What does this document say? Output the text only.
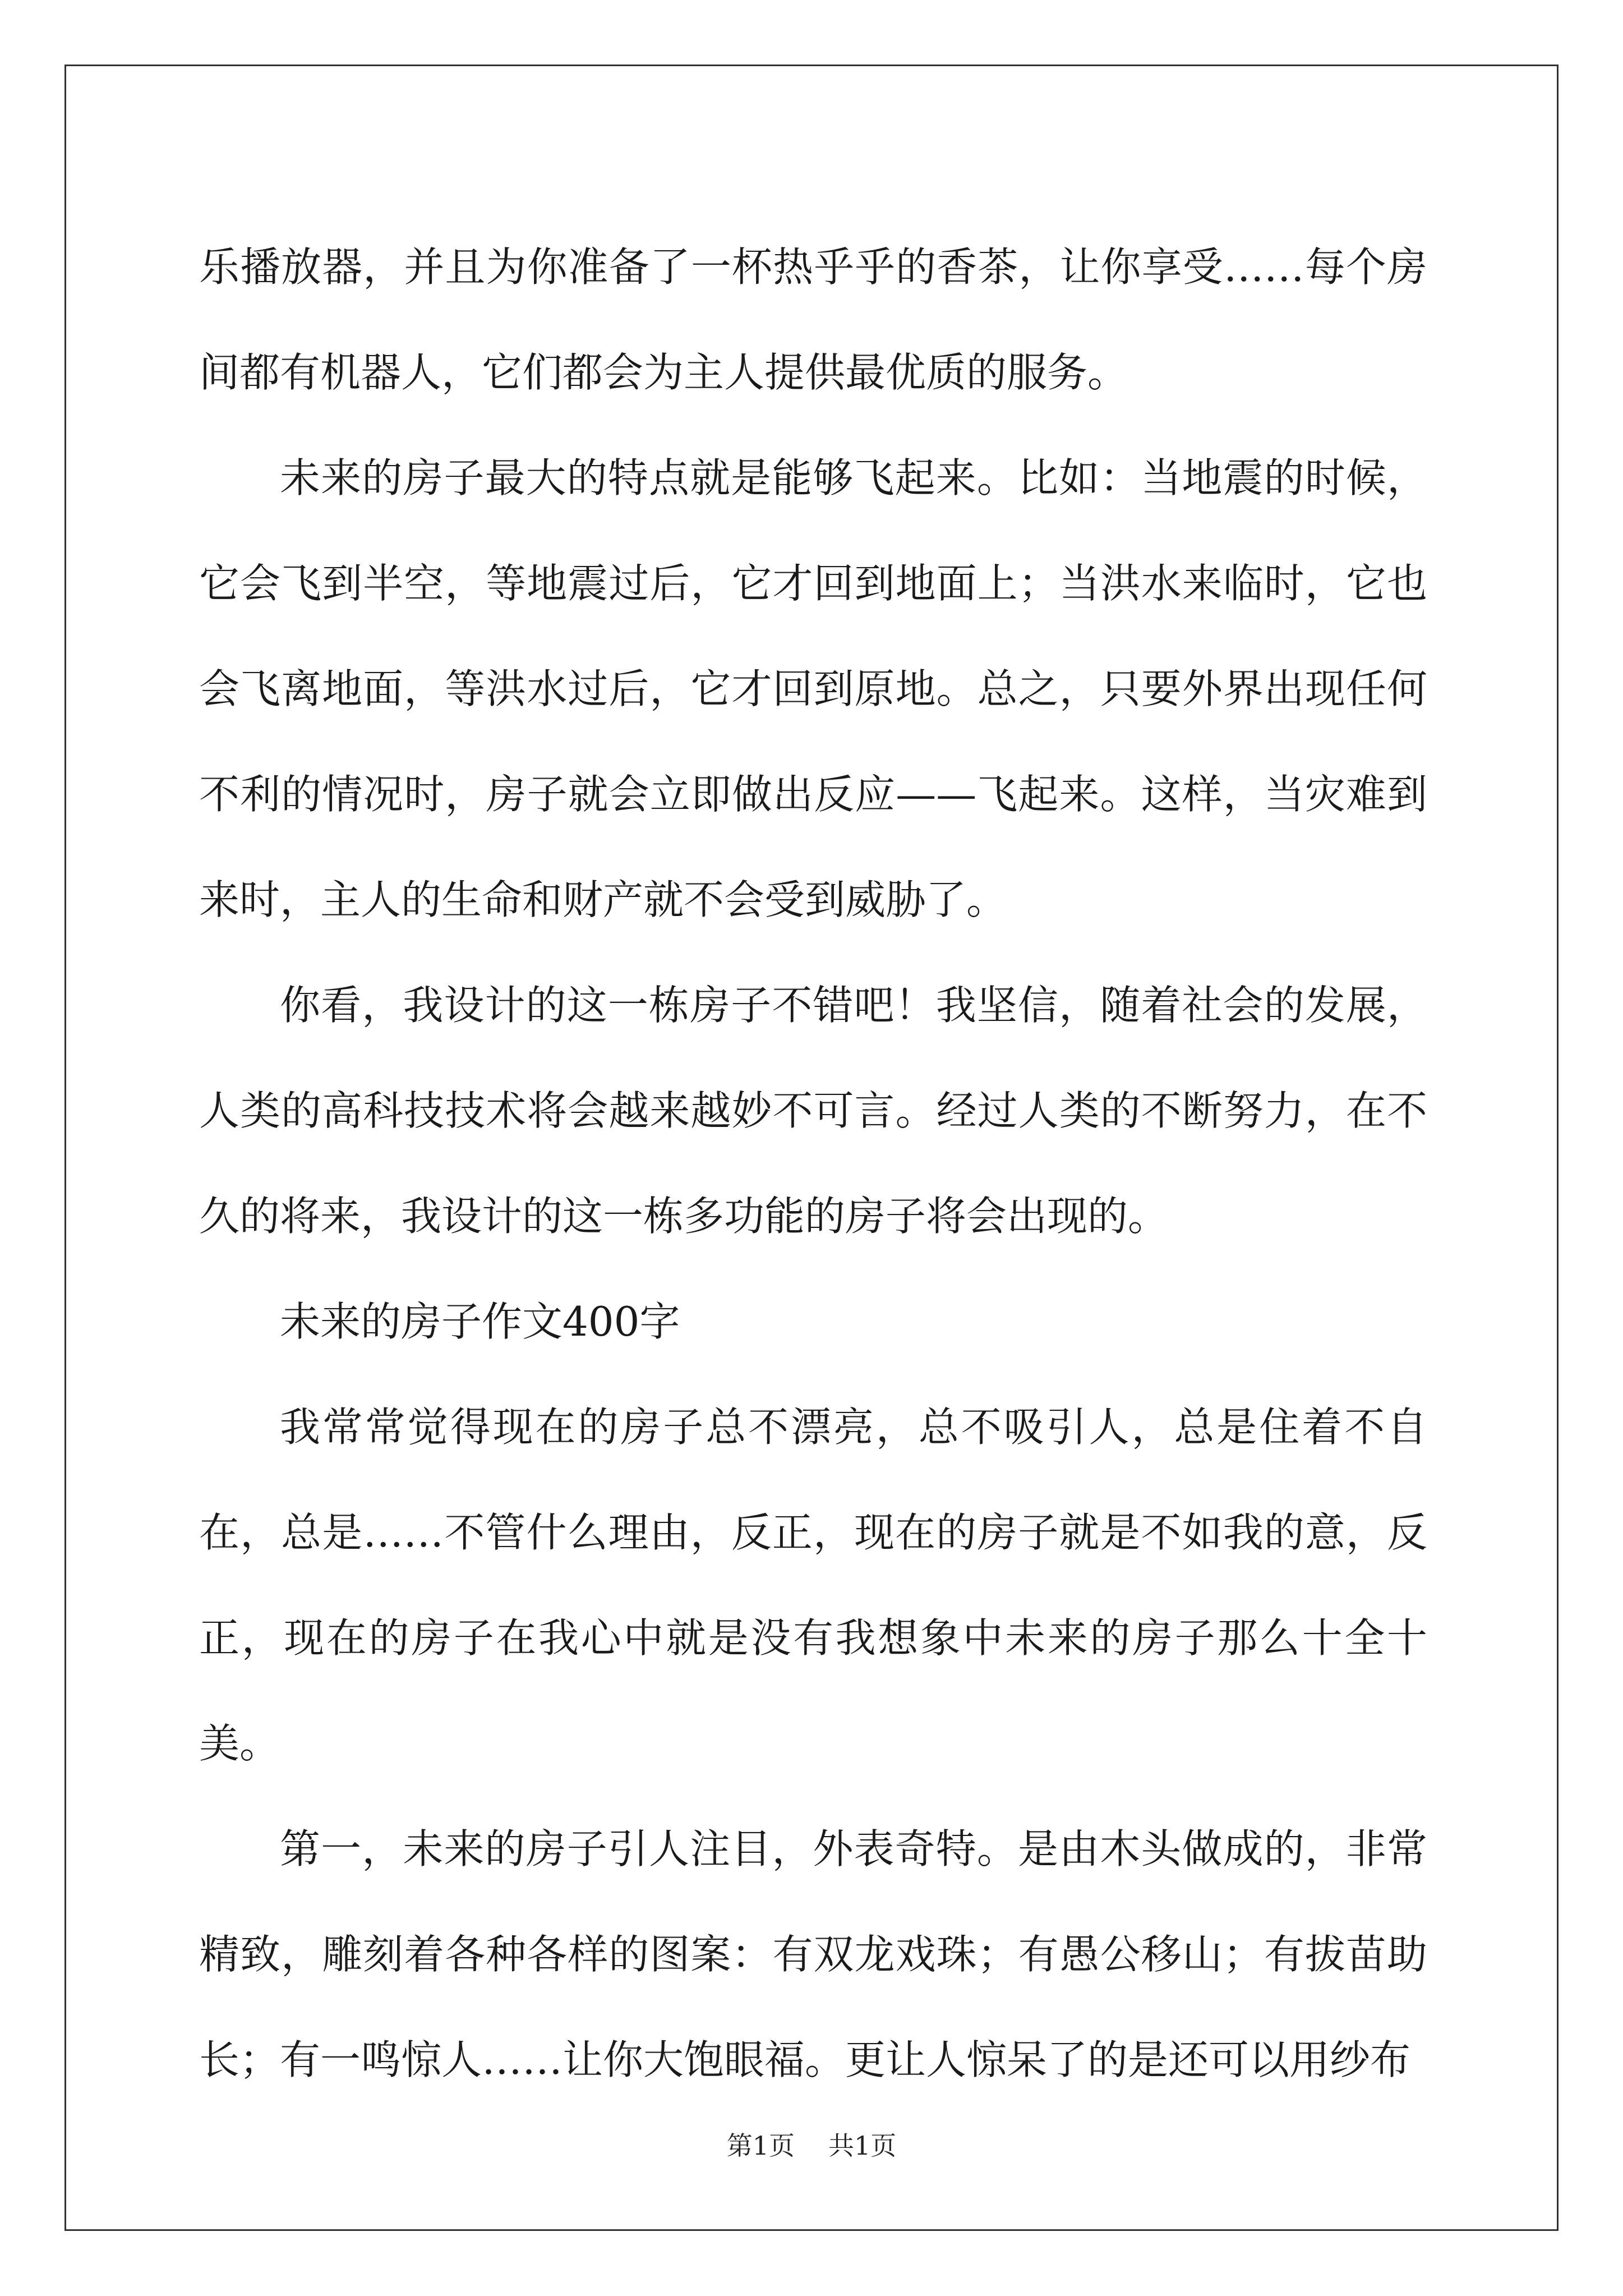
乐播放器，并且为你准备了一杯热乎乎的香茶，让你享受……每个房间都有机器人，它们都会为主人提供最优质的服务。

未来的房子最大的特点就是能够飞起来。比如：当地震的时候，它会飞到半空，等地震过后，它才回到地面上；当洪水来临时，它也会飞离地面，等洪水过后，它才回到原地。总之，只要外界出现任何不利的情况时，房子就会立即做出反应——飞起来。这样，当灾难到来时，主人的生命和财产就不会受到威胁了。

你看，我设计的这一栋房子不错吧！我坚信，随着社会的发展，人类的高科技技术将会越来越妙不可言。经过人类的不断努力，在不久的将来，我设计的这一栋多功能的房子将会出现的。

未来的房子作文400字

我常常觉得现在的房子总不漂亮，总不吸引人，总是住着不自在，总是……不管什么理由，反正，现在的房子就是不如我的意，反正，现在的房子在我心中就是没有我想象中未来的房子那么十全十美。

第一，未来的房子引人注目，外表奇特。是由木头做成的，非常精致，雕刻着各种各样的图案：有双龙戏珠；有愚公移山；有拔苗助长；有一鸣惊人……让你大饱眼福。更让人惊呆了的是还可以用纱布

第1页 共1页
